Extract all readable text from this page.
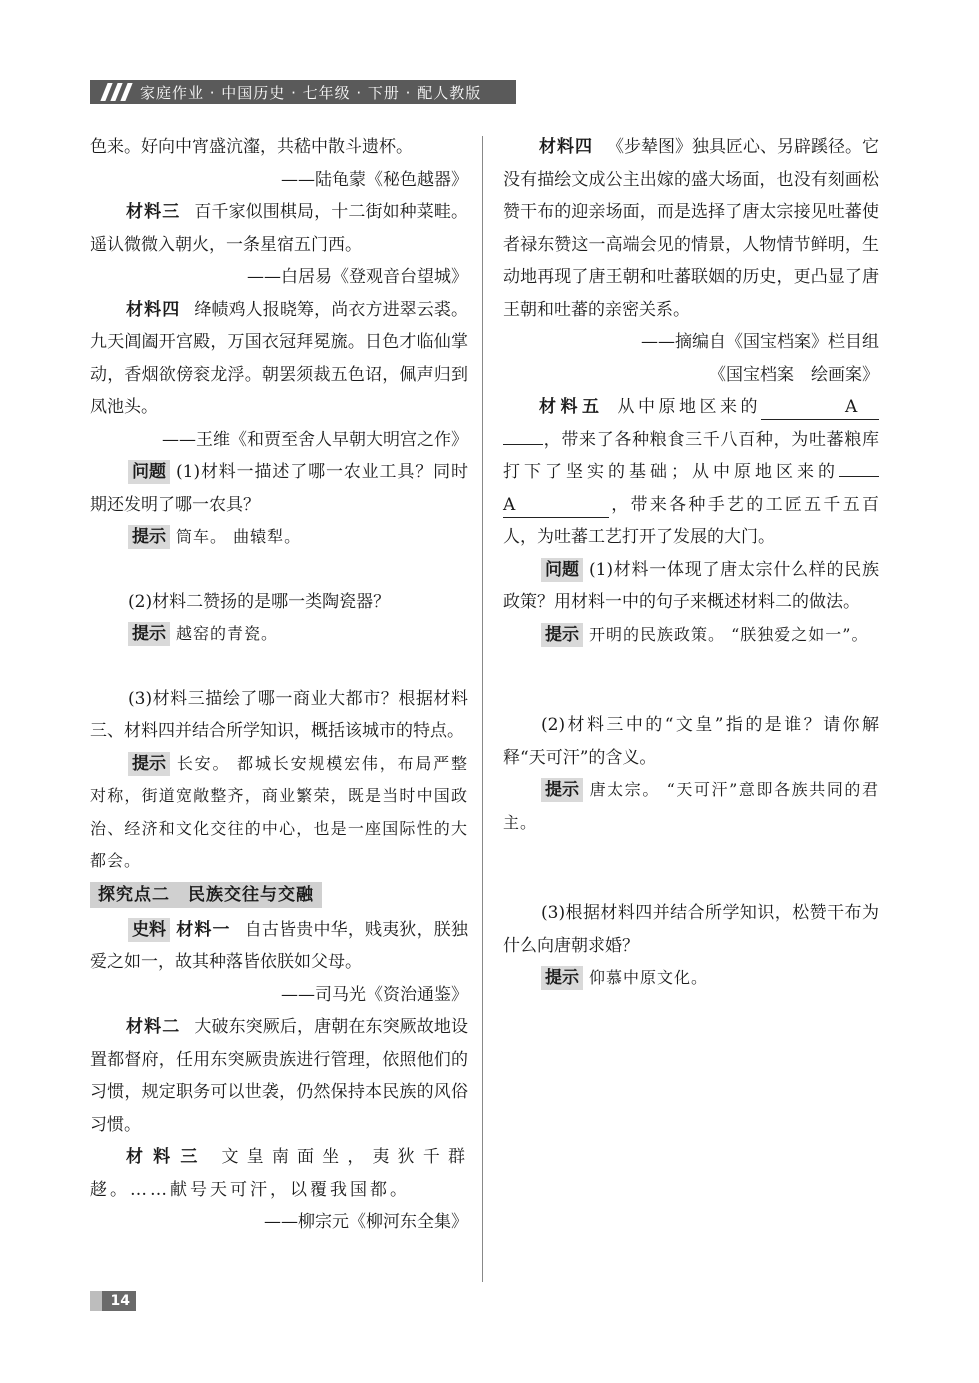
家庭作业 · 中国历史 · 七年级 · 下册 · 配人教版
色来。好向中宵盛沆瀣，共嵇中散斗遗杯。
——陆龟蒙《秘色越器》
材料三 百千家似围棋局，十二街如种菜畦。遥认微微入朝火，一条星宿五门西。
——白居易《登观音台望城》
材料四 绛帻鸡人报晓筹，尚衣方进翠云裘。九天阊阖开宫殿，万国衣冠拜冕旒。日色才临仙掌动，香烟欲傍衮龙浮。朝罢须裁五色诏，佩声归到凤池头。
——王维《和贾至舍人早朝大明宫之作》
问题 (1)材料一描述了哪一农业工具？同时期还发明了哪一农具？
提示 筒车。 曲辕犁。
(2)材料二赞扬的是哪一类陶瓷器？
提示 越窑的青瓷。
(3)材料三描绘了哪一商业大都市？根据材料三、材料四并结合所学知识，概括该城市的特点。
提示 长安。 都城长安规模宏伟，布局严整对称，街道宽敞整齐，商业繁荣，既是当时中国政治、经济和文化交往的中心，也是一座国际性的大都会。
探究点二　民族交往与交融
史料 材料一 自古皆贵中华，贱夷狄，朕独爱之如一，故其种落皆依朕如父母。
——司马光《资治通鉴》
材料二 大破东突厥后，唐朝在东突厥故地设置都督府，任用东突厥贵族进行管理，依照他们的习惯，规定职务可以世袭，仍然保持本民族的风俗习惯。
材料三 文皇南面坐，夷狄千群趍。……献号天可汗，以覆我国都。
——柳宗元《柳河东全集》
材料四 《步辇图》独具匠心、另辟蹊径。它没有描绘文成公主出嫁的盛大场面，也没有刻画松赞干布的迎亲场面，而是选择了唐太宗接见吐蕃使者禄东赞这一高端会见的情景，人物情节鲜明，生动地再现了唐王朝和吐蕃联姻的历史，更凸显了唐王朝和吐蕃的亲密关系。
——摘编自《国宝档案》栏目组
《国宝档案　绘画案》
材料五 从中原地区来的	A，带来了各种粮食三千八百种，为吐蕃粮库打下了坚实的基础；从中原地区来的A	，带来各种手艺的工匠五千五百人，为吐蕃工艺打开了发展的大门。
问题 (1)材料一体现了唐太宗什么样的民族政策？用材料一中的句子来概述材料二的做法。
提示 开明的民族政策。 “朕独爱之如一”。
(2)材料三中的“文皇”指的是谁？请你解释“天可汗”的含义。
提示 唐太宗。 “天可汗”意即各族共同的君主。
(3)根据材料四并结合所学知识，松赞干布为什么向唐朝求婚？
提示 仰慕中原文化。
14
